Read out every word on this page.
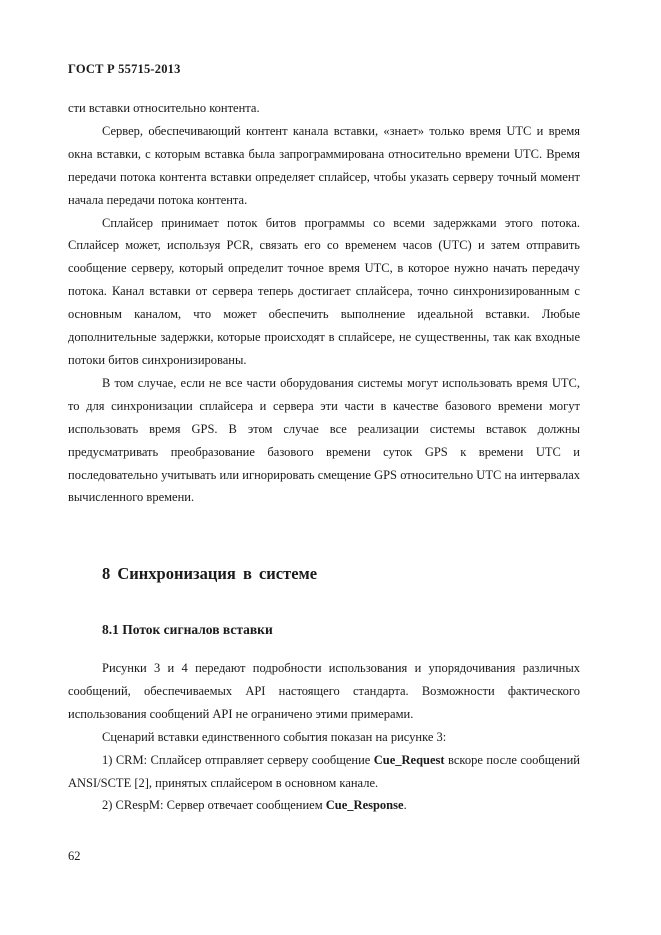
ГОСТ Р 55715-2013

сти вставки относительно контента.

Сервер, обеспечивающий контент канала вставки, «знает» только время UTC и время окна вставки, с которым вставка была запрограммирована относительно времени UTC. Время передачи потока контента вставки определяет сплайсер, чтобы указать серверу точный момент начала передачи потока контента.

Сплайсер принимает поток битов программы со всеми задержками этого потока. Сплайсер может, используя PCR, связать его со временем часов (UTC) и затем отправить сообщение серверу, который определит точное время UTC, в которое нужно начать передачу потока. Канал вставки от сервера теперь достигает сплайсера, точно синхронизированным с основным каналом, что может обеспечить выполнение идеальной вставки. Любые дополнительные задержки, которые происходят в сплайсере, не существенны, так как входные потоки битов синхронизированы.

В том случае, если не все части оборудования системы могут использовать время UTC, то для синхронизации сплайсера и сервера эти части в качестве базового времени могут использовать время GPS. В этом случае все реализации системы вставок должны предусматривать преобразование базового времени суток GPS к времени UTC и последовательно учитывать или игнорировать смещение GPS относительно UTC на интервалах вычисленного времени.

8 Синхронизация в системе
8.1 Поток сигналов вставки

Рисунки 3 и 4 передают подробности использования и упорядочивания различных сообщений, обеспечиваемых API настоящего стандарта. Возможности фактического использования сообщений API не ограничено этими примерами.

Сценарий вставки единственного события показан на рисунке 3:

1) CRM: Сплайсер отправляет серверу сообщение Cue_Request вскоре после сообщений ANSI/SCTE [2], принятых сплайсером в основном канале.

2) CRespM: Сервер отвечает сообщением Cue_Response.

62
